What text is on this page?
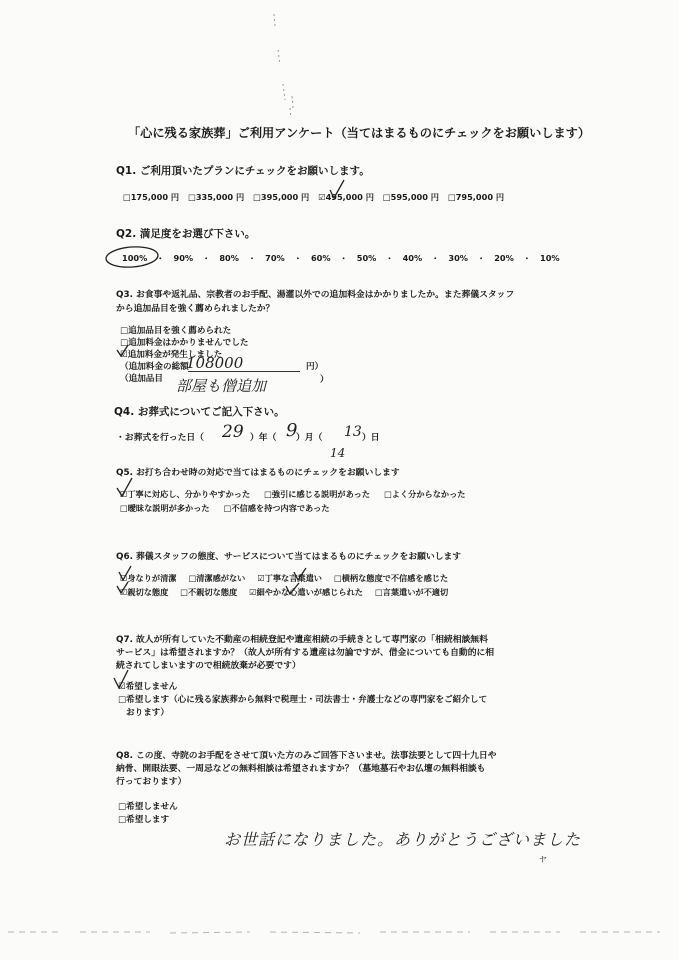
「心に残る家族葬」ご利用アンケート（当てはまるものにチェックをお願いします）
Q1. ご利用頂いたプランにチェックをお願いします。
□175,000 円 □335,000 円 □395,000 円 ☑495,000 円 □595,000 円 □795,000 円
Q2. 満足度をお選び下さい。
100% ・ 90% ・ 80% ・ 70% ・ 60% ・ 50% ・ 40% ・ 30% ・ 20% ・ 10%
Q3. お食事や返礼品、宗教者のお手配、湯灌以外での追加料金はかかりましたか。また葬儀スタッフ
から追加品目を強く薦められましたか？
□追加品目を強く薦められた
□追加料金はかかりませんでした
☑追加料金が発生しました
（追加料金の総額
108000	円）
（追加品目 部屋も僧追加	）
Q4. お葬式についてご記入下さい。
・お葬式を行った日（ 29 ）年（ 9
）月（ 13 ）日
14
Q5. お打ち合わせ時の対応で当てはまるものにチェックをお願いします
☑丁寧に対応し、分かりやすかった □強引に感じる説明があった □よく分からなかった
□曖昧な説明が多かった □不信感を持つ内容であった
Q6. 葬儀スタッフの態度、サービスについて当てはまるものにチェックをお願いします
☑身なりが清潔 □清潔感がない ☑丁寧な言葉遣い □横柄な態度で不信感を感じた
☑親切な態度 □不親切な態度 ☑細やかな心遣いが感じられた □言葉遣いが不適切
Q7. 故人が所有していた不動産の相続登記や遺産相続の手続きとして専門家の「相続相談無料
サービス」は希望されますか？（故人が所有する遺産は勿論ですが、借金についても自動的に相
続されてしまいますので相続放棄が必要です）
☑希望しません
□希望します（心に残る家族葬から無料で税理士・司法書士・弁護士などの専門家をご紹介して
おります）
Q8. この度、寺院のお手配をさせて頂いた方のみご回答下さいませ。法事法要として四十九日や
納骨、開眼法要、一周忌などの無料相談は希望されますか？（墓地墓石やお仏壇の無料相談も
行っております）
□希望しません
□希望します
お世話になりました。ありがとうございました
ヤ
